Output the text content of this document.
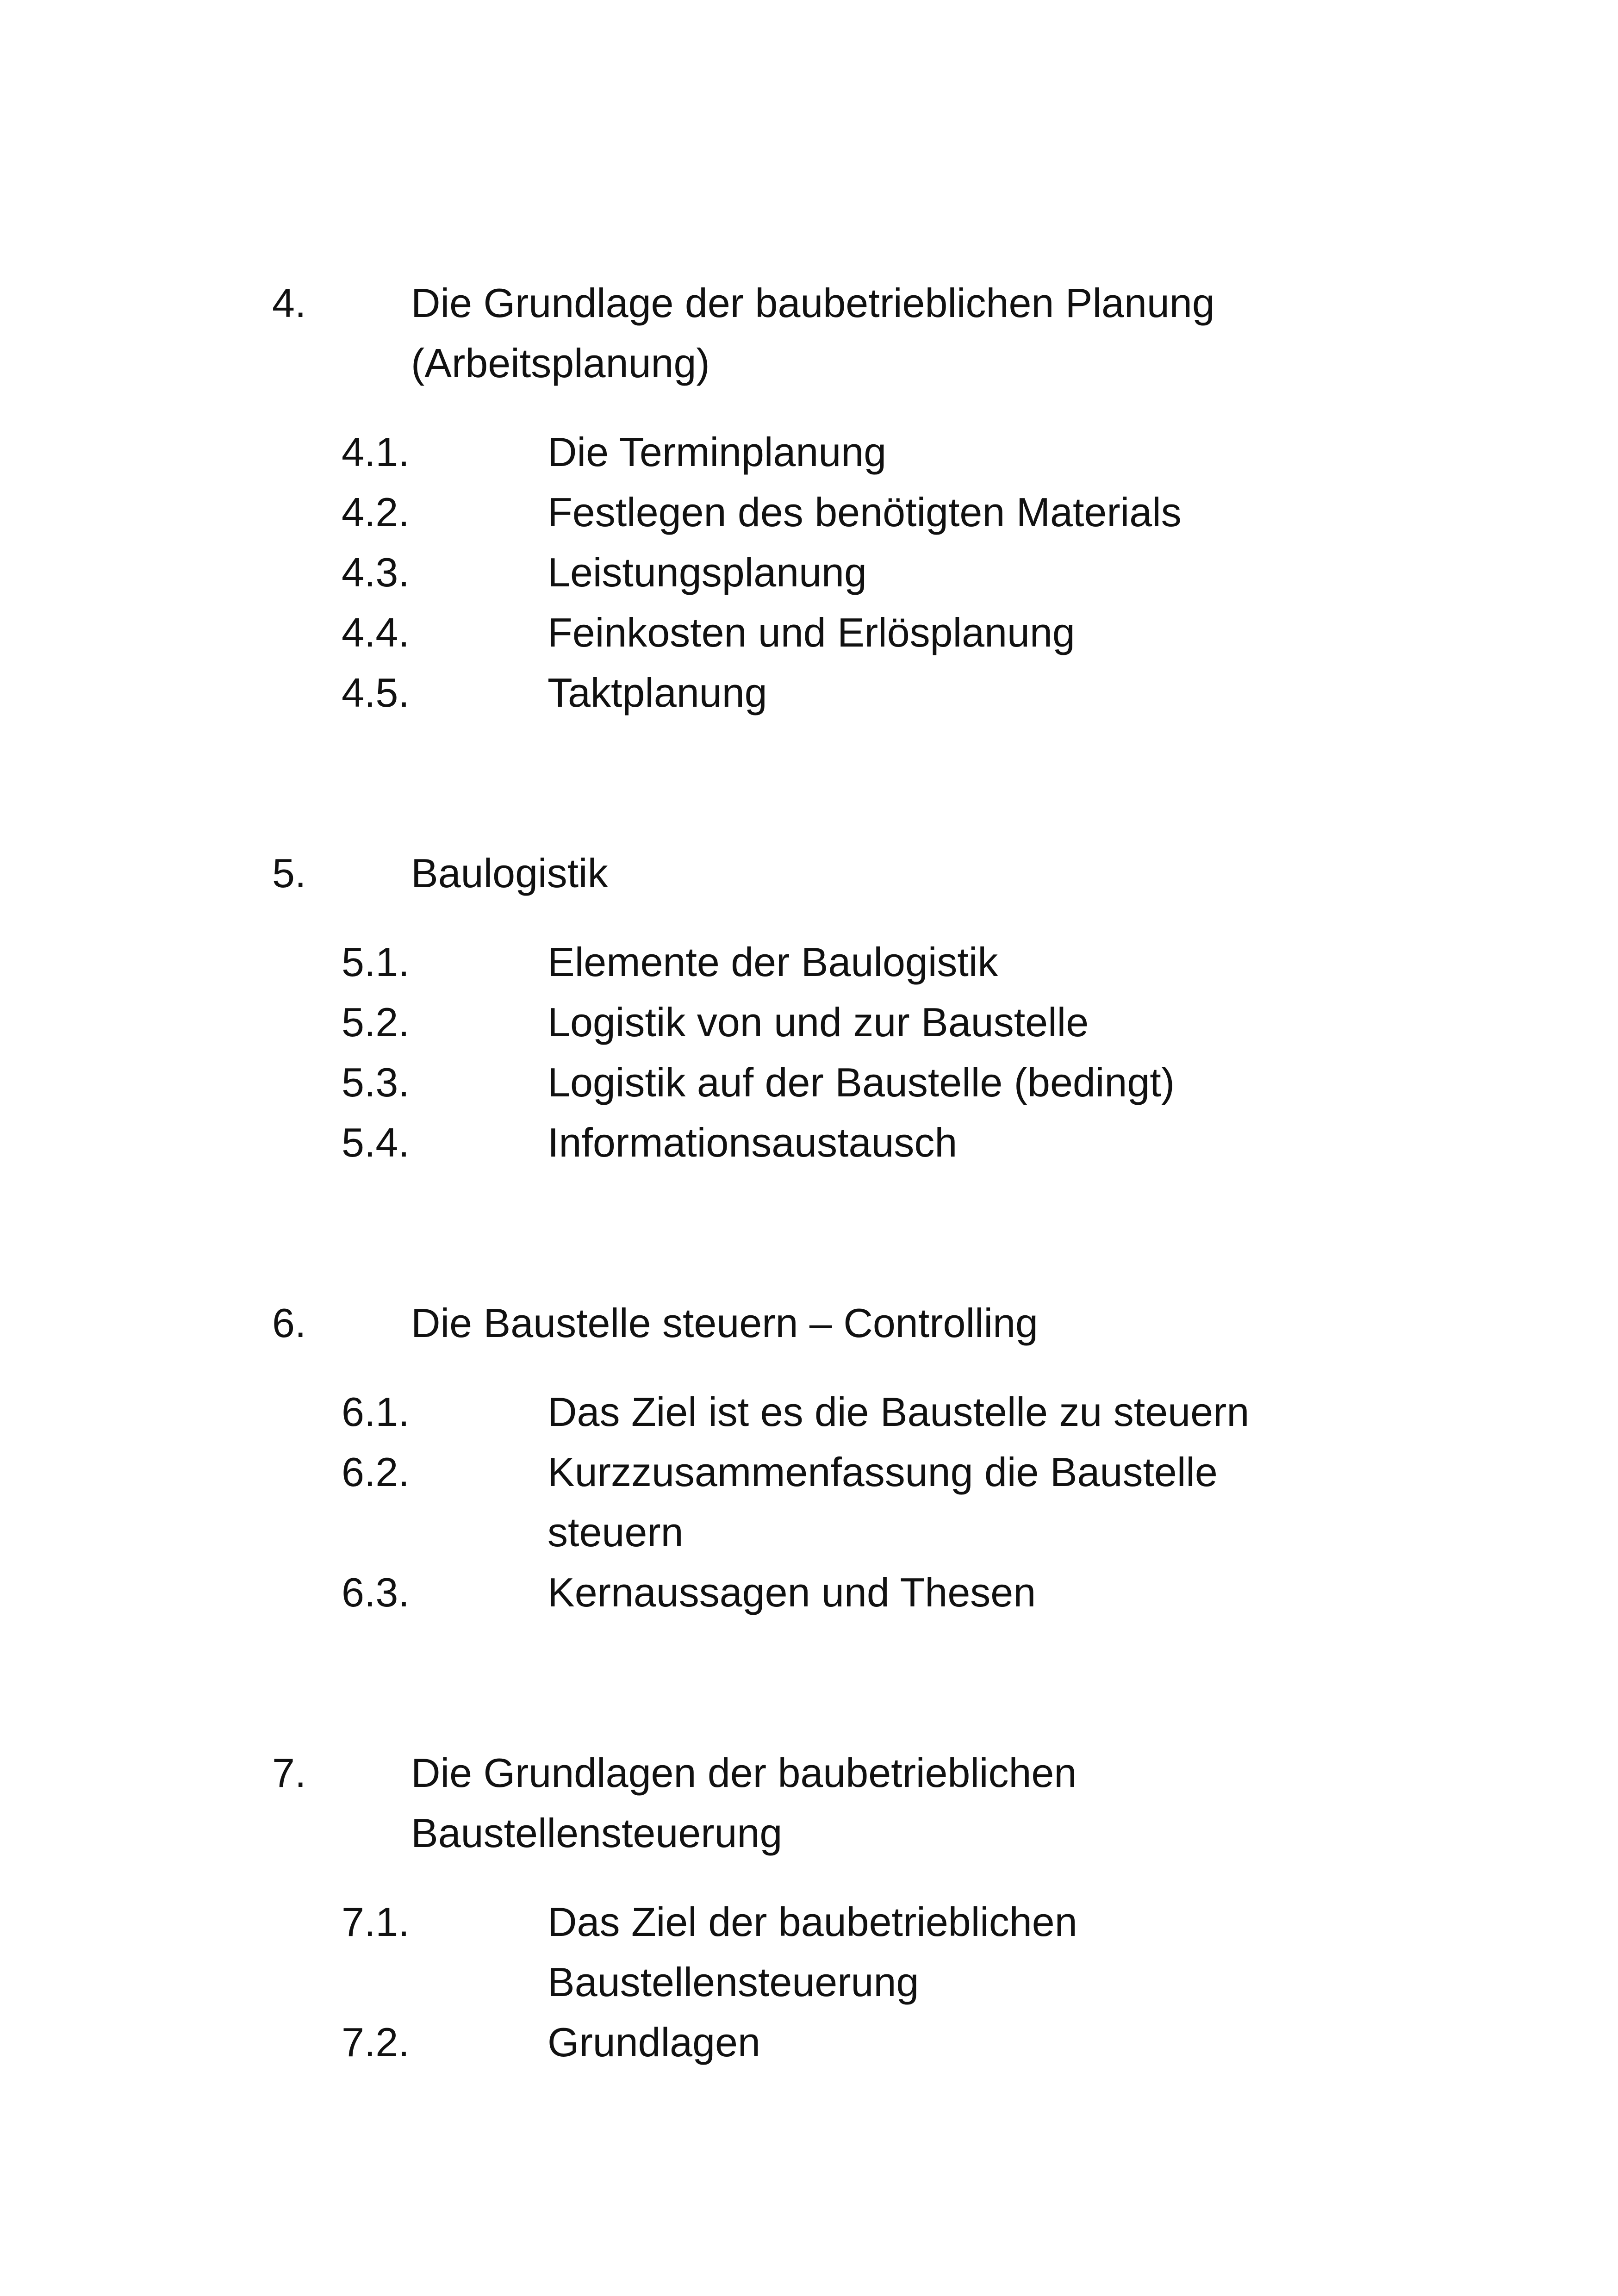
4.	Die Grundlage der baubetrieblichen Planung
(Arbeitsplanung)
4.1.	Die Terminplanung
4.2.	Festlegen des benötigten Materials
4.3.	Leistungsplanung
4.4.	Feinkosten und Erlösplanung
4.5.	Taktplanung
5.	Baulogistik
5.1.	Elemente der Baulogistik
5.2.	Logistik von und zur Baustelle
5.3.	Logistik auf der Baustelle (bedingt)
5.4.	Informationsaustausch
6.	Die Baustelle steuern – Controlling
6.1.	Das Ziel ist es die Baustelle zu steuern
6.2.	Kurzzusammenfassung die Baustelle
steuern
6.3.	Kernaussagen und Thesen
7.	Die Grundlagen der baubetrieblichen
Baustellensteuerung
7.1.	Das Ziel der baubetrieblichen
Baustellensteuerung
7.2.	Grundlagen
